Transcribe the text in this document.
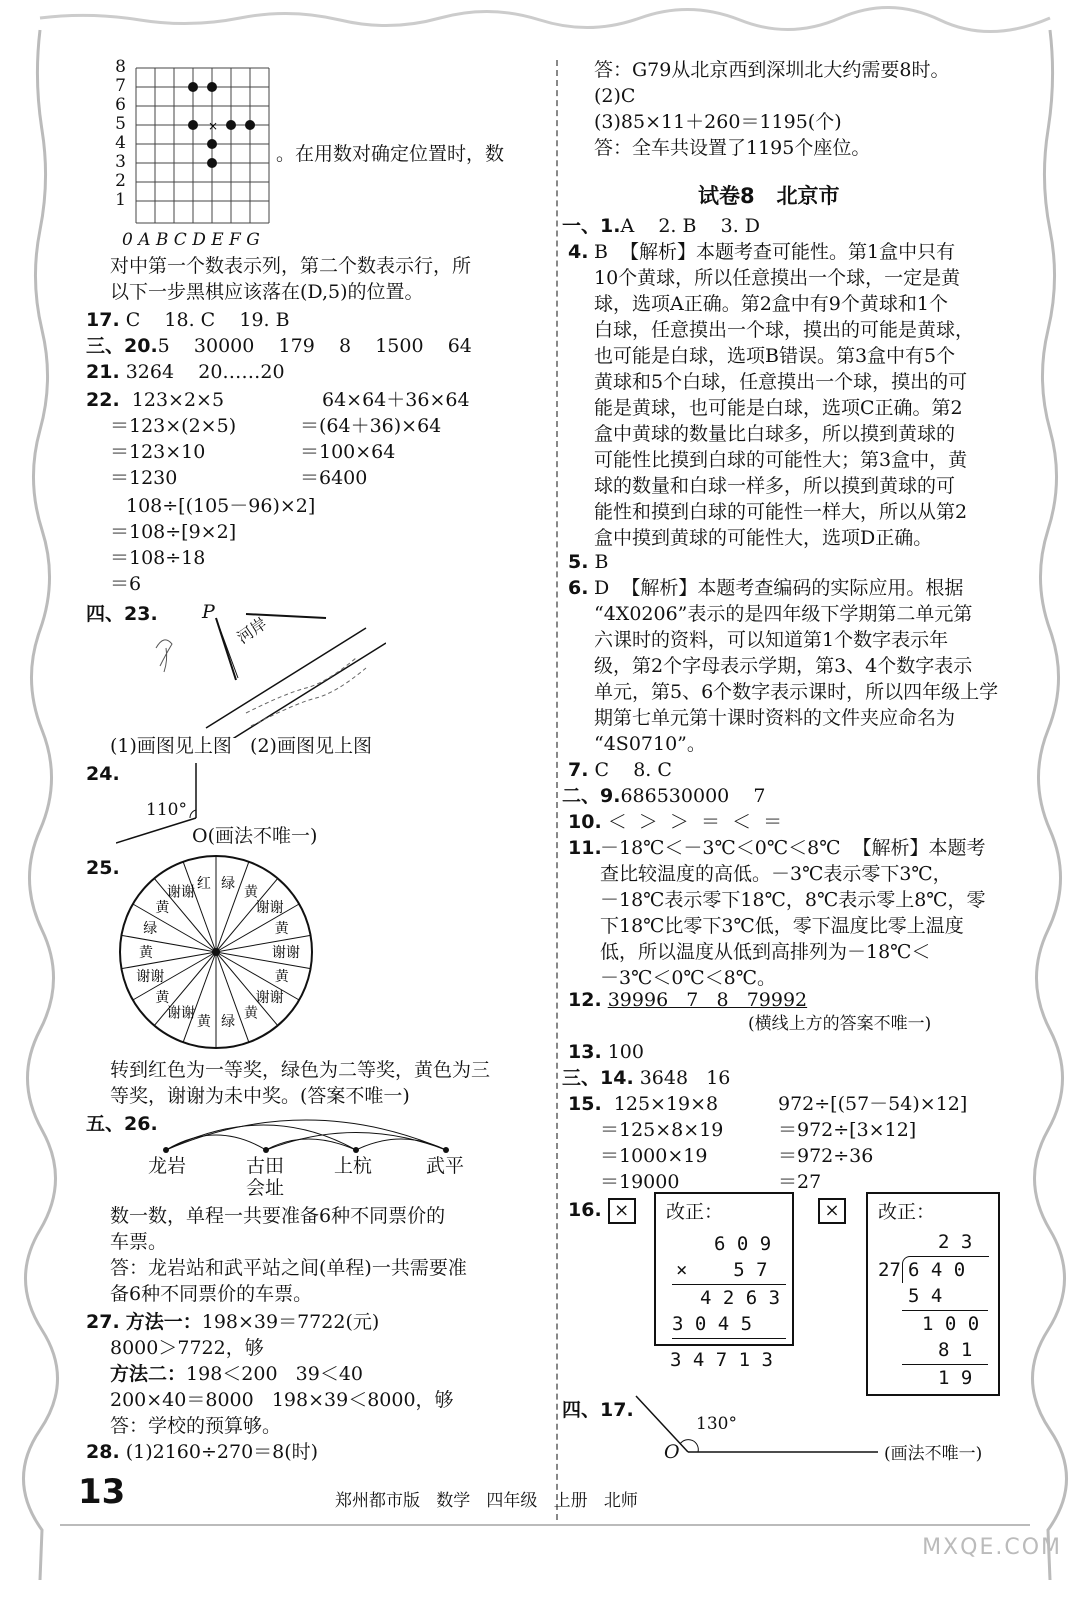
×
8
7
6
5
4
3
2
1
。在用数对确定位置时，数
0 A B C D E F G
对中第一个数表示列，第二个数表示行，所
以下一步黑棋应该落在(D,5)的位置。
17. C    18. C    19. B
三、20.5    30000    179    8    1500    64
21. 3264    20……20
22. 123×2×5	64×64＋36×64
＝123×(2×5)	＝(64＋36)×64
＝123×10	＝100×64
＝1230	＝6400
108÷[(105－96)×2]
＝108÷[9×2]
＝108÷18
＝6
四、23. P
河岸
(1)画图见上图   (2)画图见上图
24.
110°
O(画法不唯一)
25.
绿
黄
谢谢
黄
谢谢
黄
谢谢
黄
绿
黄
谢谢
黄
谢谢
黄
绿
黄
谢谢
红
转到红色为一等奖，绿色为二等奖，黄色为三
等奖，谢谢为未中奖。(答案不唯一)
五、26.
龙岩	古田	上杭	武平
会址
数一数，单程一共要准备6种不同票价的
车票。
答：龙岩站和武平站之间(单程)一共需要准
备6种不同票价的车票。
27. 方法一：198×39＝7722(元)
8000＞7722，够
方法二：198＜200   39＜40
200×40＝8000   198×39＜8000，够
答：学校的预算够。
28. (1)2160÷270＝8(时)
答：G79从北京西到深圳北大约需要8时。
(2)C
(3)85×11＋260＝1195(个)
答：全车共设置了1195个座位。
试卷8   北京市
一、1.A    2. B    3. D
4. B  【解析】本题考查可能性。第1盒中只有
10个黄球，所以任意摸出一个球，一定是黄
球，选项A正确。第2盒中有9个黄球和1个
白球，任意摸出一个球，摸出的可能是黄球，
也可能是白球，选项B错误。第3盒中有5个
黄球和5个白球，任意摸出一个球，摸出的可
能是黄球，也可能是白球，选项C正确。第2
盒中黄球的数量比白球多，所以摸到黄球的
可能性比摸到白球的可能性大；第3盒中，黄
球的数量和白球一样多，所以摸到黄球的可
能性和摸到白球的可能性一样大，所以从第2
盒中摸到黄球的可能性大，选项D正确。
5. B
6. D  【解析】本题考查编码的实际应用。根据
“4X0206”表示的是四年级下学期第二单元第
六课时的资料，可以知道第1个数字表示年
级，第2个字母表示学期，第3、4个数字表示
单元，第5、6个数字表示课时，所以四年级上学
期第七单元第十课时资料的文件夹应命名为
“4S0710”。
7. C    8. C
二、9.686530000    7
10. ＜  ＞  ＞  ＝  ＜  ＝
11.
－18℃＜－3℃＜0℃＜8℃  【解析】本题考
查比较温度的高低。－3℃表示零下3℃，
－18℃表示零下18℃，8℃表示零上8℃，零
下18℃比零下3℃低，零下温度比零上温度
低，所以温度从低到高排列为－18℃＜
－3℃＜0℃＜8℃。
12. 39996   7   8   79992
(横线上方的答案不唯一)
13. 100
三、14. 3648   16
15. 125×19×8	972÷[(57－54)×12]
＝125×8×19	＝972÷[3×12]
＝1000×19	＝972÷36
＝19000	＝27
16. ×	改正：
6 0 9
×    5 7
4 2 6 3
3 0 4 5
3 4 7 1 3
×	改正：
2 3
27 6 4 0
5 4
1 0 0
8 1
1 9
四、17.
130°
O	(画法不唯一)
13	郑州都市版   数学   四年级   上册   北师
MXQE.COM
